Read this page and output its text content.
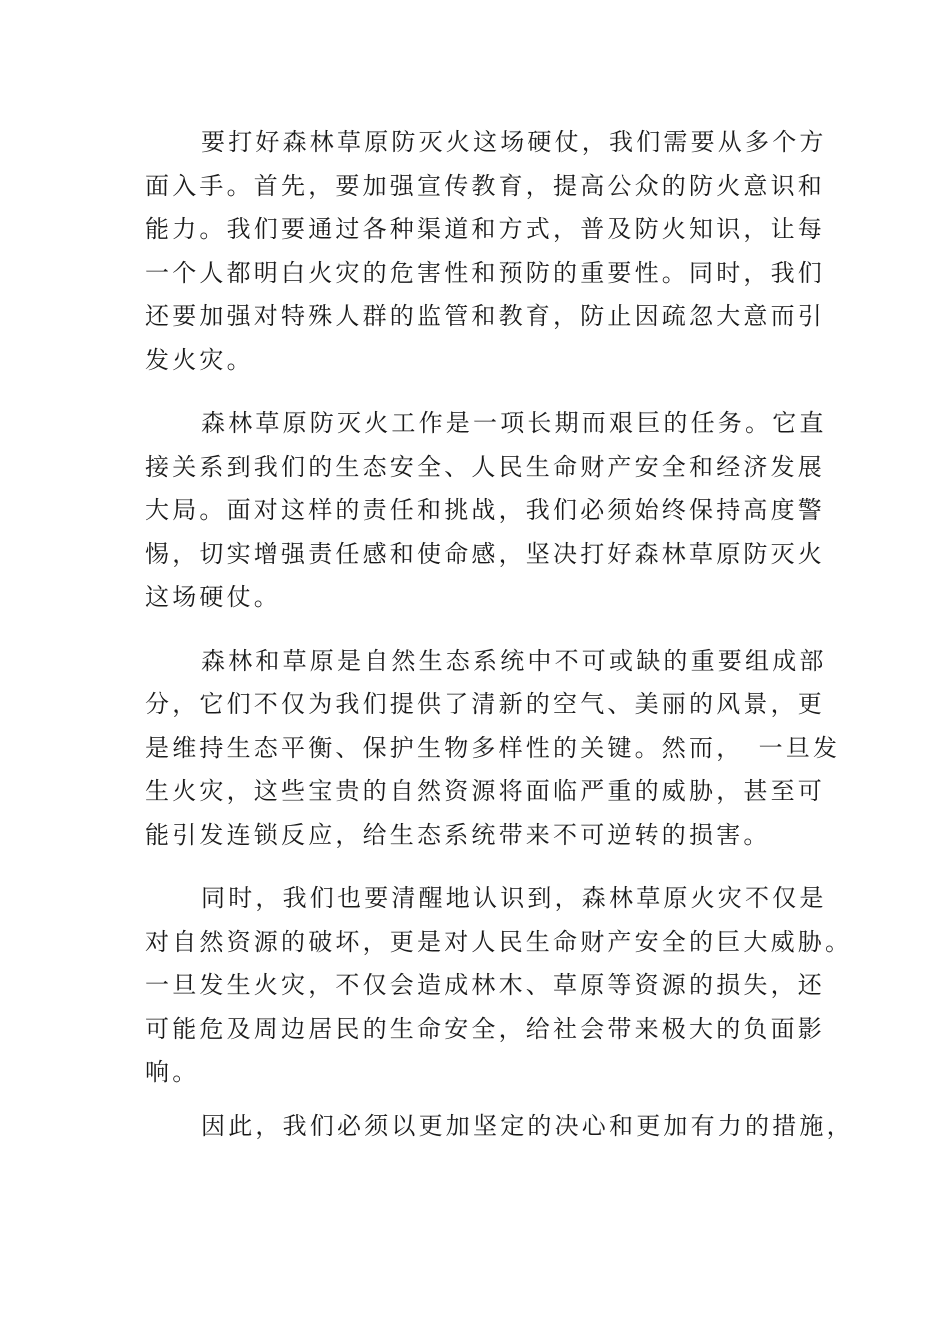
要打好森林草原防灭火这场硬仗，我们需要从多个方
面入手。首先，要加强宣传教育，提高公众的防火意识和
能力。我们要通过各种渠道和方式，普及防火知识，让每
一个人都明白火灾的危害性和预防的重要性。同时，我们
还要加强对特殊人群的监管和教育，防止因疏忽大意而引
发火灾。

森林草原防灭火工作是一项长期而艰巨的任务。它直
接关系到我们的生态安全、人民生命财产安全和经济发展
大局。面对这样的责任和挑战，我们必须始终保持高度警
惕，切实增强责任感和使命感，坚决打好森林草原防灭火
这场硬仗。

森林和草原是自然生态系统中不可或缺的重要组成部
分，它们不仅为我们提供了清新的空气、美丽的风景，更
是维持生态平衡、保护生物多样性的关键。然而，　一旦发
生火灾，这些宝贵的自然资源将面临严重的威胁，甚至可
能引发连锁反应，给生态系统带来不可逆转的损害。

同时，我们也要清醒地认识到，森林草原火灾不仅是
对自然资源的破坏，更是对人民生命财产安全的巨大威胁。
一旦发生火灾，不仅会造成林木、草原等资源的损失，还
可能危及周边居民的生命安全，给社会带来极大的负面影
响。

因此，我们必须以更加坚定的决心和更加有力的措施，
